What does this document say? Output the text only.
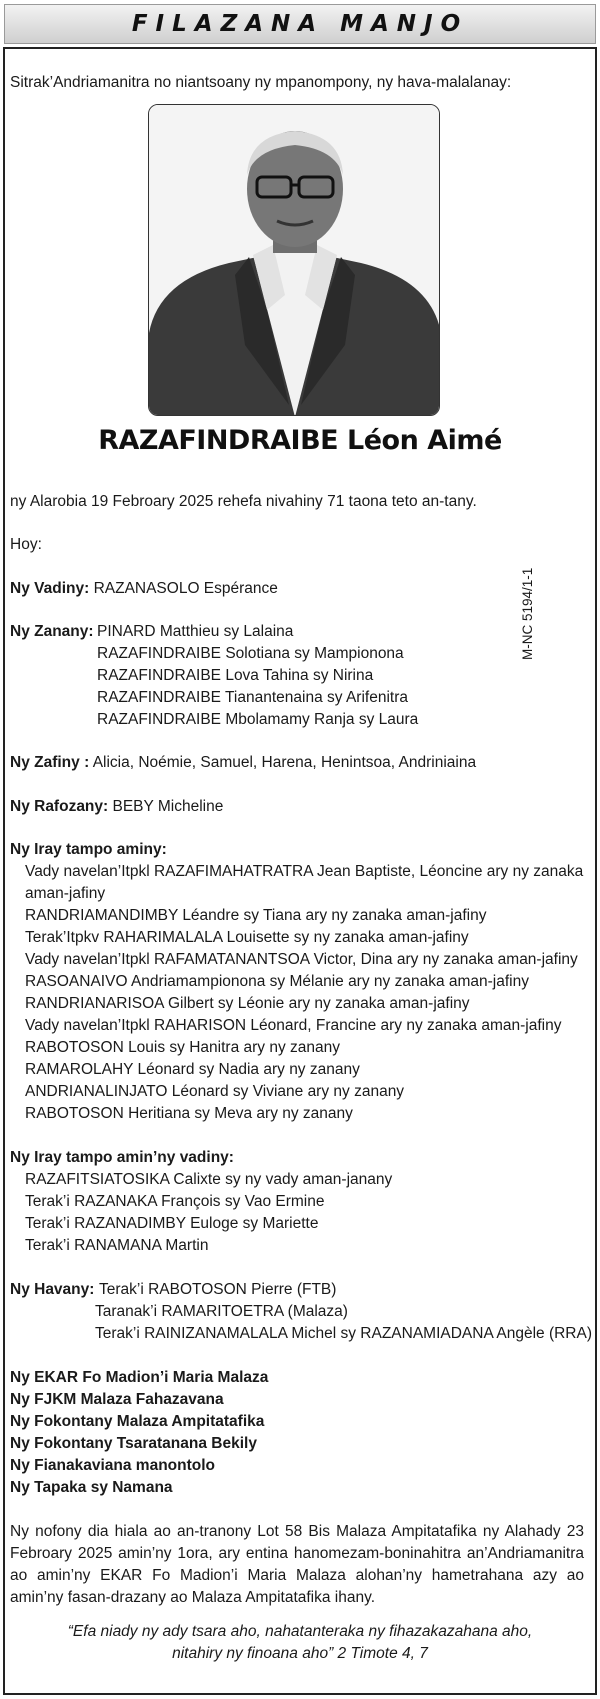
FILAZANA MANJO
Sitrak’Andriamanitra no niantsoany ny mpanompony, ny hava-malalanay:
RAZAFINDRAIBE Léon Aimé
ny Alarobia 19 Febroary 2025 rehefa nivahiny 71 taona teto an-tany.
Hoy:
M-NC 5194/1-1
Ny Vadiny: RAZANASOLO Espérance
Ny Zanany: PINARD Matthieu sy Lalaina
RAZAFINDRAIBE Solotiana sy Mampionona
RAZAFINDRAIBE Lova Tahina sy Nirina
RAZAFINDRAIBE Tianantenaina sy Arifenitra
RAZAFINDRAIBE Mbolamamy Ranja sy Laura
Ny Zafiny : Alicia, Noémie, Samuel, Harena, Henintsoa, Andriniaina
Ny Rafozany: BEBY Micheline
Ny Iray tampo aminy:
Vady navelan’Itpkl RAZAFIMAHATRATRA Jean Baptiste, Léoncine ary ny zanaka
aman-jafiny
RANDRIAMANDIMBY Léandre sy Tiana ary ny zanaka aman-jafiny
Terak’Itpkv RAHARIMALALA Louisette sy ny zanaka aman-jafiny
Vady navelan’Itpkl RAFAMATANANTSOA Victor, Dina ary ny zanaka aman-jafiny
RASOANAIVO Andriamampionona sy Mélanie ary ny zanaka aman-jafiny
RANDRIANARISOA Gilbert sy Léonie ary ny zanaka aman-jafiny
Vady navelan’Itpkl RAHARISON Léonard, Francine ary ny zanaka aman-jafiny
RABOTOSON Louis sy Hanitra ary ny zanany
RAMAROLAHY Léonard sy Nadia ary ny zanany
ANDRIANALINJATO Léonard sy Viviane ary ny zanany
RABOTOSON Heritiana sy Meva ary ny zanany
Ny Iray tampo amin’ny vadiny:
RAZAFITSIATOSIKA Calixte sy ny vady aman-janany
Terak’i RAZANAKA François sy Vao Ermine
Terak’i RAZANADIMBY Euloge sy Mariette
Terak’i RANAMANA Martin
Ny Havany: Terak’i RABOTOSON Pierre (FTB)
Taranak’i RAMARITOETRA (Malaza)
Terak’i RAINIZANAMALALA Michel sy RAZANAMIADANA Angèle (RRA)
Ny EKAR Fo Madion’i Maria Malaza
Ny FJKM Malaza Fahazavana
Ny Fokontany Malaza Ampitatafika
Ny Fokontany Tsaratanana Bekily
Ny Fianakaviana manontolo
Ny Tapaka sy Namana
Ny nofony dia hiala ao an-tranony Lot 58 Bis Malaza Ampitatafika ny Alahady 23 Febroary 2025 amin’ny 1ora, ary entina hanomezam-boninahitra an’Andriamanitra ao amin’ny EKAR Fo Madion’i Maria Malaza alohan’ny hametrahana azy ao amin’ny fasan-drazany ao Malaza Ampitatafika ihany.
“Efa niady ny ady tsara aho, nahatanteraka ny fihazakazahana aho,
nitahiry ny finoana aho” 2 Timote 4, 7
